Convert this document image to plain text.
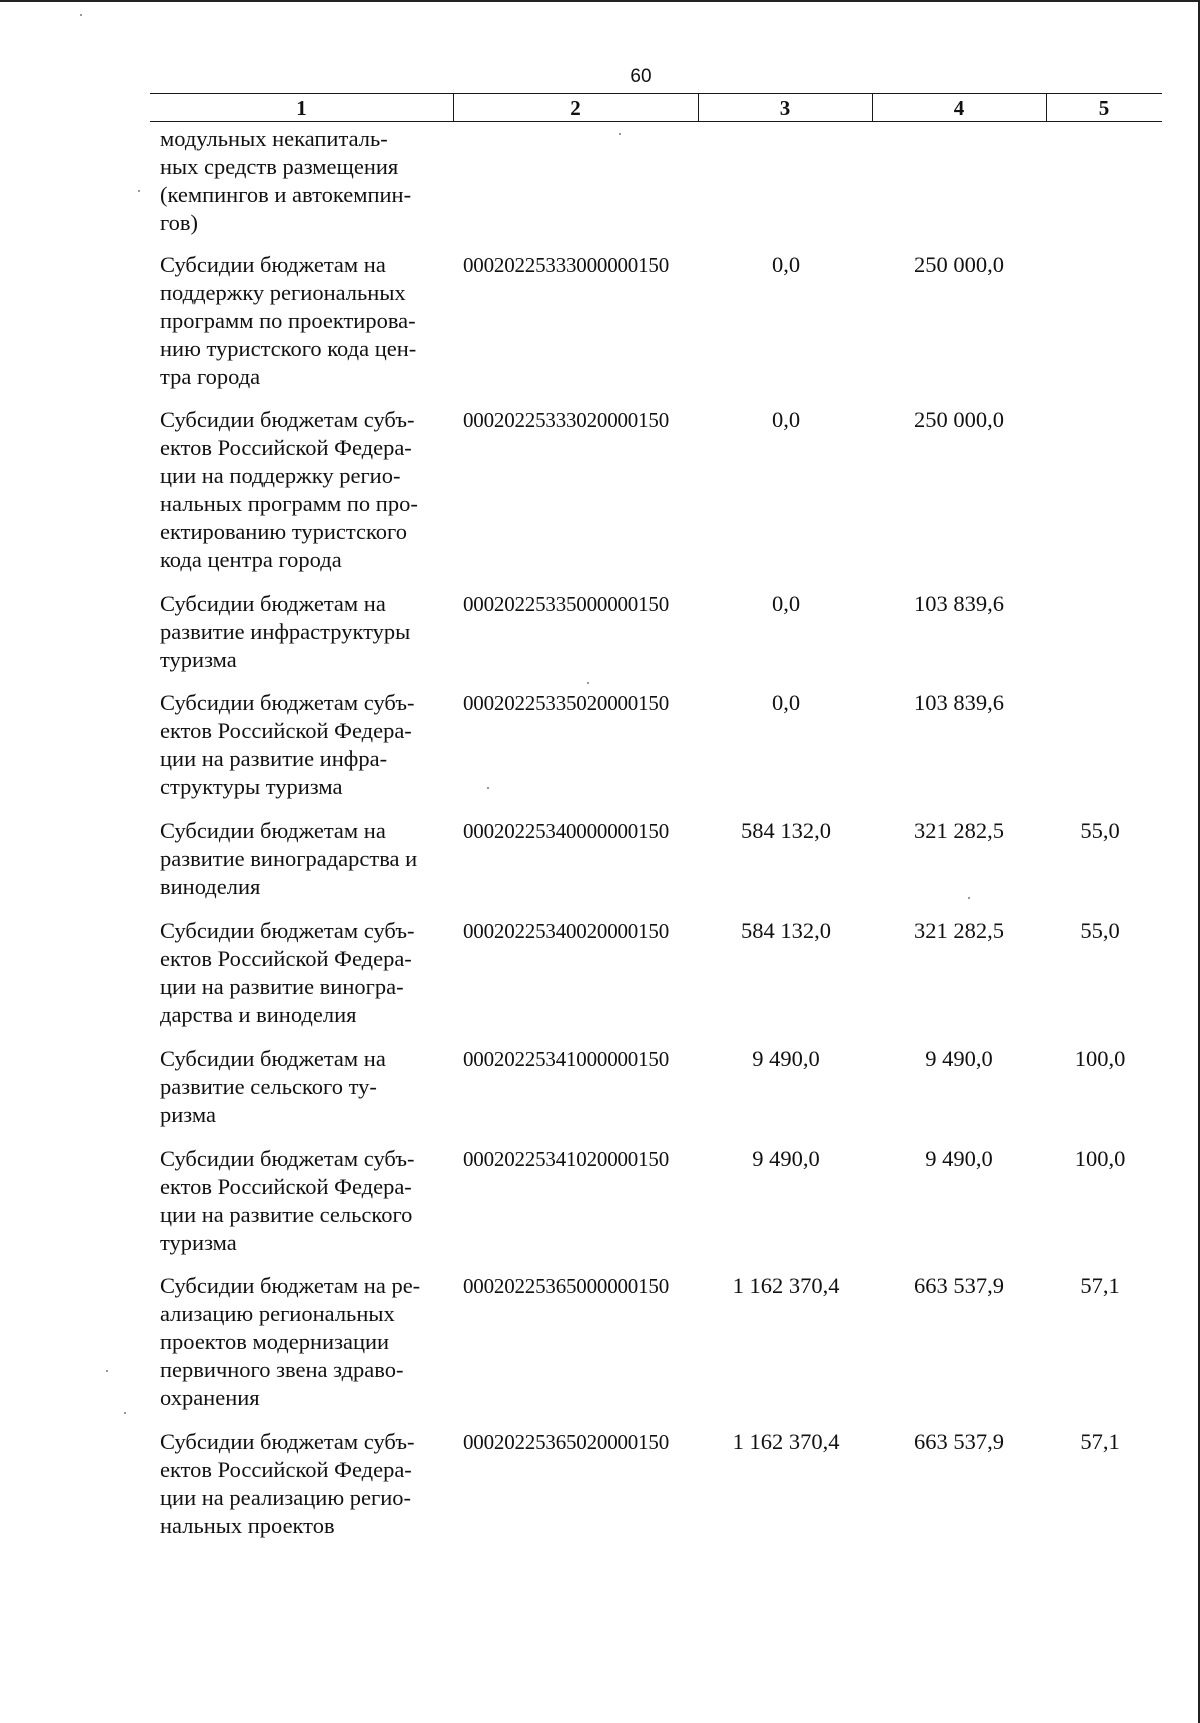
60
1	2	3	4	5
модульных некапиталь-
ных средств размещения
(кемпингов и автокемпин-
гов)
Субсидии бюджетам на
поддержку региональных
программ по проектирова-
нию туристского кода цен-
тра города
00020225333000000150	0,0	250 000,0
Субсидии бюджетам субъ-
ектов Российской Федера-
ции на поддержку регио-
нальных программ по про-
ектированию туристского
кода центра города
00020225333020000150	0,0	250 000,0
Субсидии бюджетам на
развитие инфраструктуры
туризма
00020225335000000150	0,0	103 839,6
Субсидии бюджетам субъ-
ектов Российской Федера-
ции на развитие инфра-
структуры туризма
00020225335020000150	0,0	103 839,6
Субсидии бюджетам на
развитие виноградарства и
виноделия
00020225340000000150	584 132,0	321 282,5	55,0
Субсидии бюджетам субъ-
ектов Российской Федера-
ции на развитие виногра-
дарства и виноделия
00020225340020000150	584 132,0	321 282,5	55,0
Субсидии бюджетам на
развитие сельского ту-
ризма
00020225341000000150	9 490,0	9 490,0	100,0
Субсидии бюджетам субъ-
ектов Российской Федера-
ции на развитие сельского
туризма
00020225341020000150	9 490,0	9 490,0	100,0
Субсидии бюджетам на ре-
ализацию региональных
проектов модернизации
первичного звена здраво-
охранения
00020225365000000150	1 162 370,4	663 537,9	57,1
Субсидии бюджетам субъ-
ектов Российской Федера-
ции на реализацию регио-
нальных проектов
00020225365020000150	1 162 370,4	663 537,9	57,1
